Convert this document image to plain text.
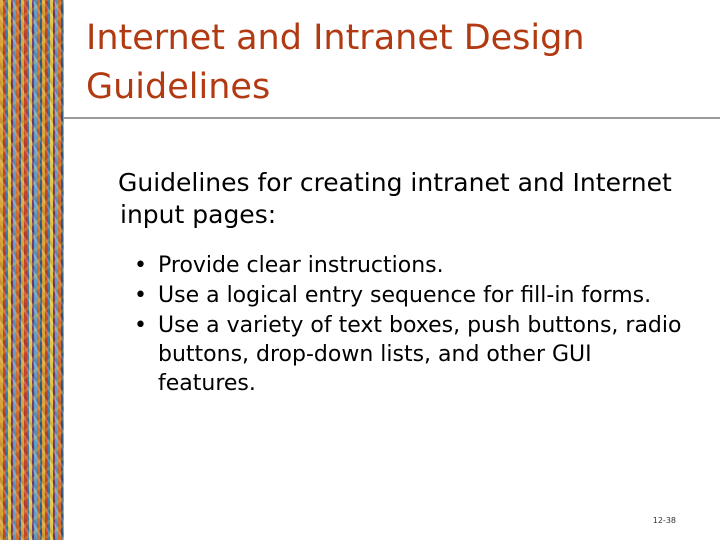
Internet and Intranet Design Guidelines

Guidelines for creating intranet and Internet input pages:

• Provide clear instructions.
• Use a logical entry sequence for fill-in forms.
• Use a variety of text boxes, push buttons, radio buttons, drop-down lists, and other GUI features.
12-38
